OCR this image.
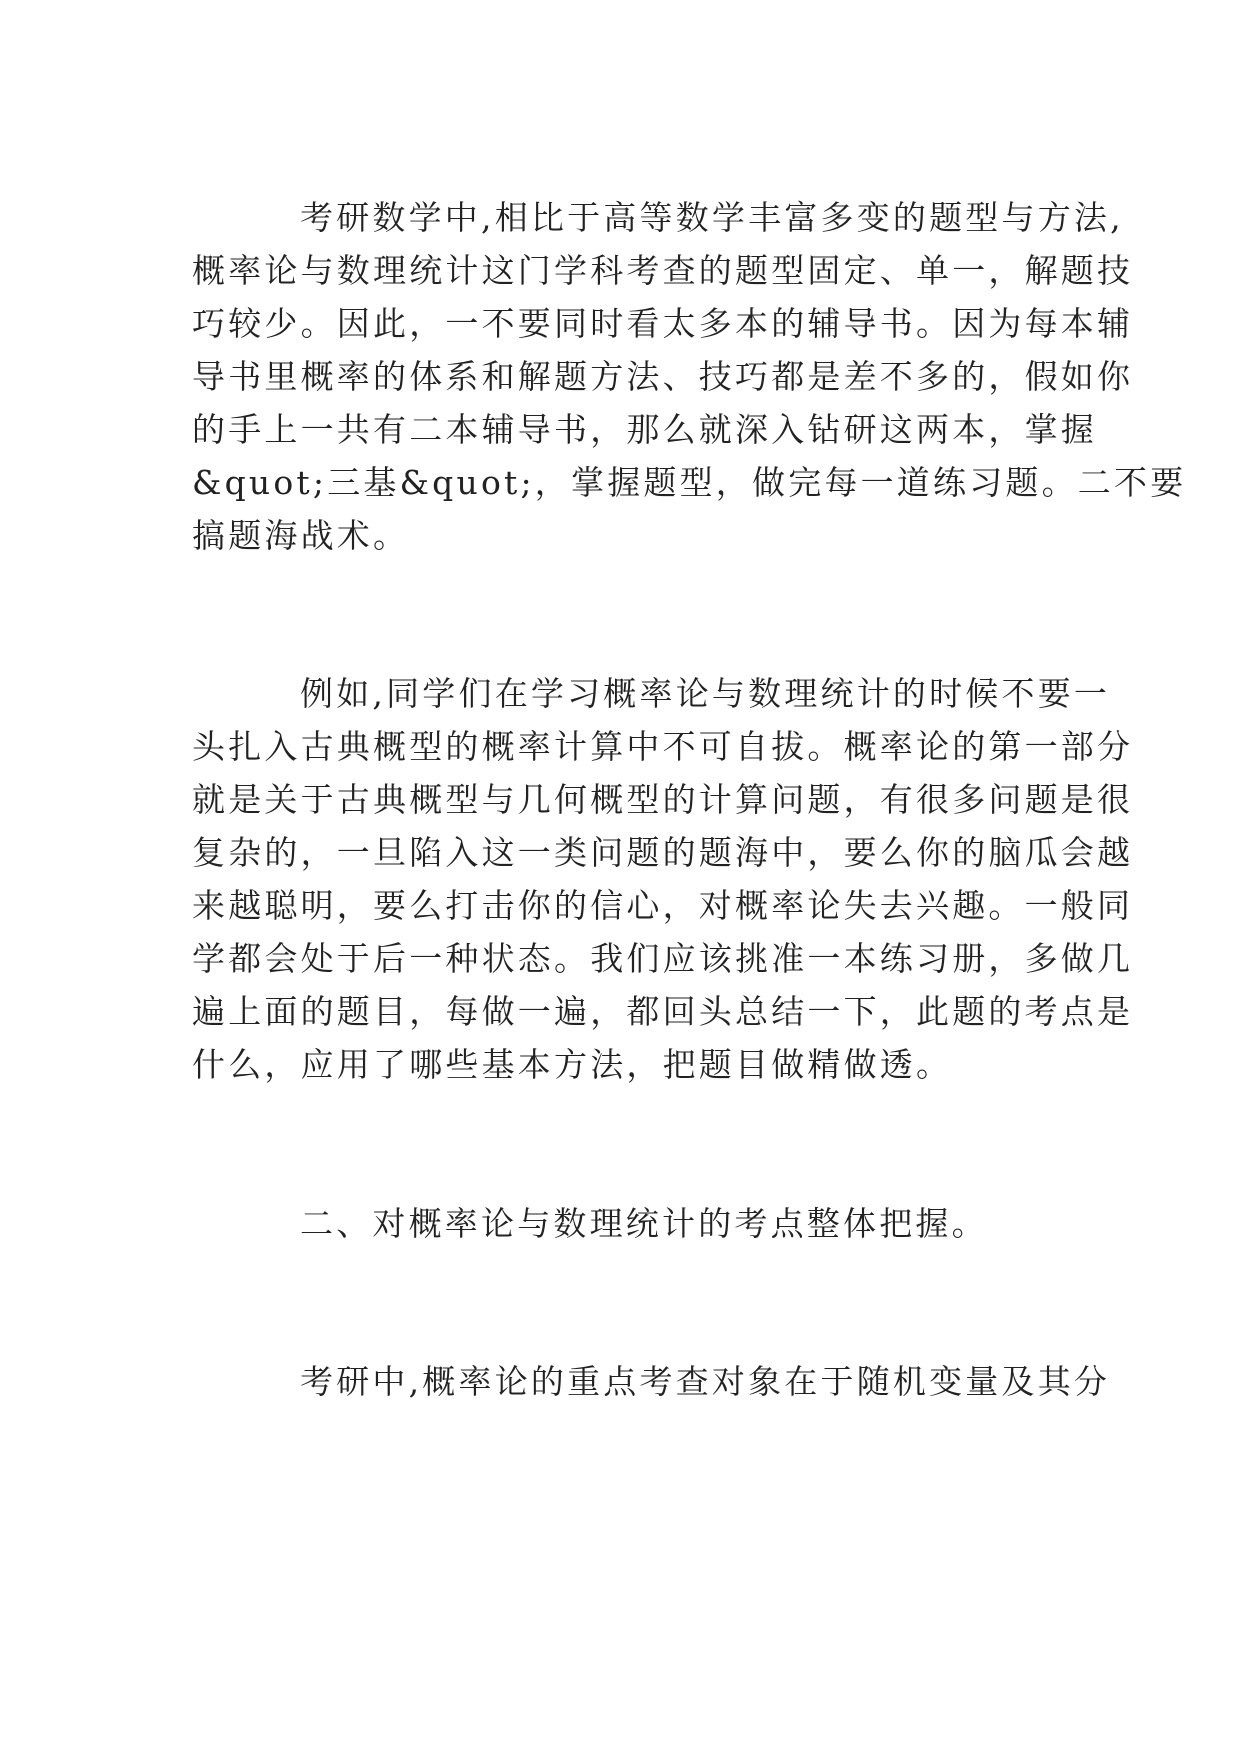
考研数学中,相比于高等数学丰富多变的题型与方法,
概率论与数理统计这门学科考查的题型固定、单一，解题技
巧较少。因此，一不要同时看太多本的辅导书。因为每本辅
导书里概率的体系和解题方法、技巧都是差不多的，假如你
的手上一共有二本辅导书，那么就深入钻研这两本，掌握
&quot;三基&quot;，掌握题型，做完每一道练习题。二不要
搞题海战术。
例如,同学们在学习概率论与数理统计的时候不要一
头扎入古典概型的概率计算中不可自拔。概率论的第一部分
就是关于古典概型与几何概型的计算问题，有很多问题是很
复杂的，一旦陷入这一类问题的题海中，要么你的脑瓜会越
来越聪明，要么打击你的信心，对概率论失去兴趣。一般同
学都会处于后一种状态。我们应该挑准一本练习册，多做几
遍上面的题目，每做一遍，都回头总结一下，此题的考点是
什么，应用了哪些基本方法，把题目做精做透。
二、对概率论与数理统计的考点整体把握。
考研中,概率论的重点考查对象在于随机变量及其分
